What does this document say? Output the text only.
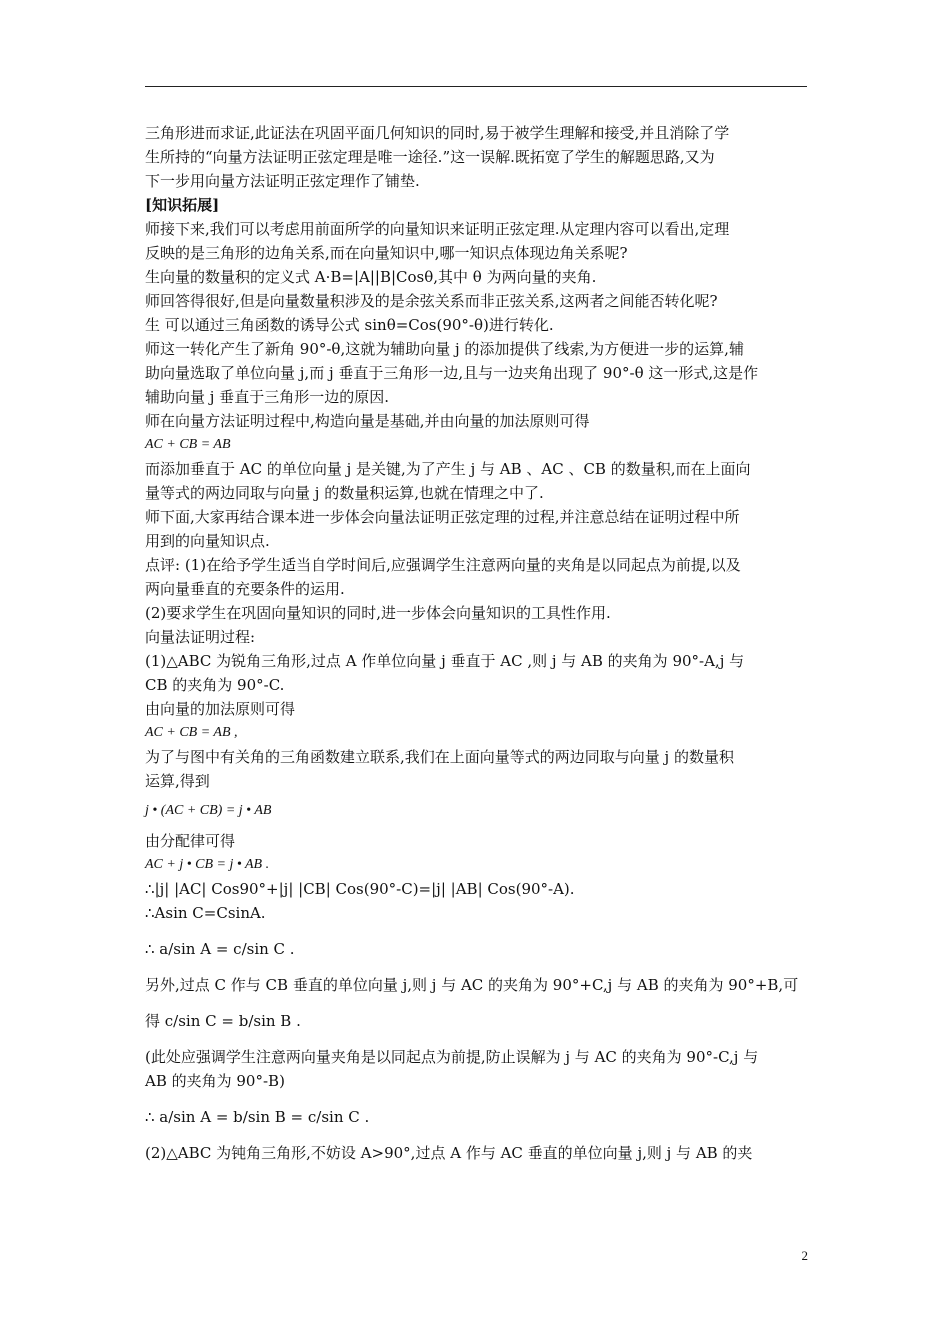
三角形进而求证,此证法在巩固平面几何知识的同时,易于被学生理解和接受,并且消除了学
生所持的“向量方法证明正弦定理是唯一途径.”这一误解.既拓宽了学生的解题思路,又为
下一步用向量方法证明正弦定理作了铺垫.
[知识拓展]
师接下来,我们可以考虑用前面所学的向量知识来证明正弦定理.从定理内容可以看出,定理
反映的是三角形的边角关系,而在向量知识中,哪一知识点体现边角关系呢?
生向量的数量积的定义式 A·B=|A||B|Cosθ,其中 θ 为两向量的夹角.
师回答得很好,但是向量数量积涉及的是余弦关系而非正弦关系,这两者之间能否转化呢?
生 可以通过三角函数的诱导公式 sinθ=Cos(90°-θ)进行转化.
师这一转化产生了新角 90°-θ,这就为辅助向量 j 的添加提供了线索,为方便进一步的运算,辅
助向量选取了单位向量 j,而 j 垂直于三角形一边,且与一边夹角出现了 90°-θ 这一形式,这是作
辅助向量 j 垂直于三角形一边的原因.
师在向量方法证明过程中,构造向量是基础,并由向量的加法原则可得
AC + CB = AB
而添加垂直于 AC 的单位向量 j 是关键,为了产生 j 与 AB 、AC 、CB 的数量积,而在上面向
量等式的两边同取与向量 j 的数量积运算,也就在情理之中了.
师下面,大家再结合课本进一步体会向量法证明正弦定理的过程,并注意总结在证明过程中所
用到的向量知识点.
点评: (1)在给予学生适当自学时间后,应强调学生注意两向量的夹角是以同起点为前提,以及
两向量垂直的充要条件的运用.
(2)要求学生在巩固向量知识的同时,进一步体会向量知识的工具性作用.
向量法证明过程:
(1)△ABC 为锐角三角形,过点 A 作单位向量 j 垂直于 AC ,则 j 与 AB 的夹角为 90°-A,j 与
CB 的夹角为 90°-C.
由向量的加法原则可得
AC + CB = AB ,
为了与图中有关角的三角函数建立联系,我们在上面向量等式的两边同取与向量 j 的数量积
运算,得到
j • (AC + CB) = j • AB
由分配律可得
AC + j • CB = j • AB .
∴|j| |AC| Cos90°+|j| |CB| Cos(90°-C)=|j| |AB| Cos(90°-A).
∴Asin C=CsinA.
∴ a/sin A = c/sin C .
另外,过点 C 作与 CB 垂直的单位向量 j,则 j 与 AC 的夹角为 90°+C,j 与 AB 的夹角为 90°+B,可
得 c/sin C = b/sin B .
(此处应强调学生注意两向量夹角是以同起点为前提,防止误解为 j 与 AC 的夹角为 90°-C,j 与
AB 的夹角为 90°-B)
∴ a/sin A = b/sin B = c/sin C .
(2)△ABC 为钝角三角形,不妨设 A>90°,过点 A 作与 AC 垂直的单位向量 j,则 j 与 AB 的夹
2
